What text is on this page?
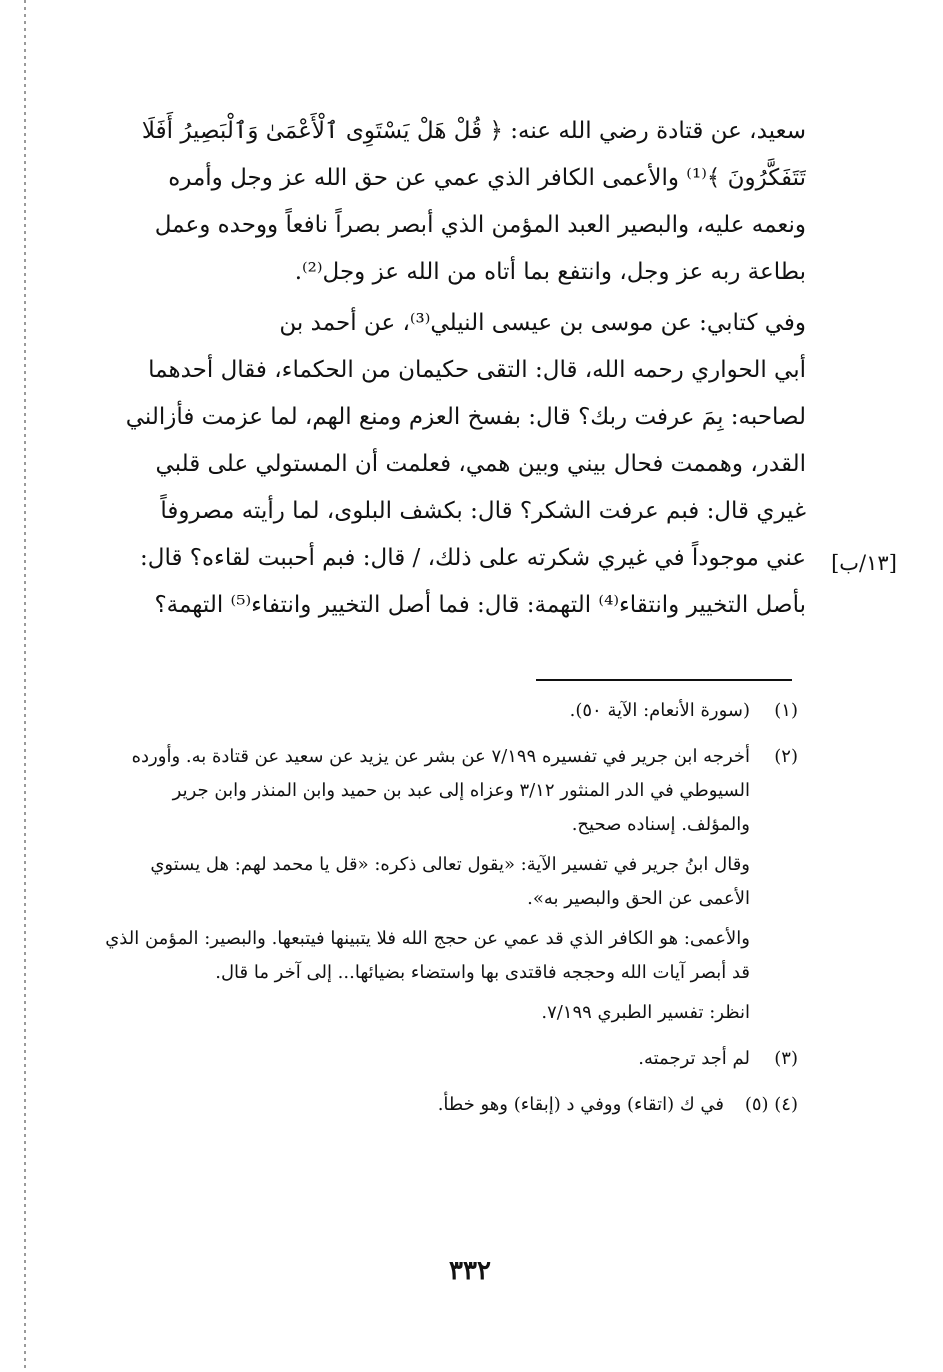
سعيد، عن قتادة رضي الله عنه: ﴿ قُلْ هَلْ يَسْتَوِى ٱلْأَعْمَىٰ وَٱلْبَصِيرُ أَفَلَا
تَتَفَكَّرُونَ ﴾⁽¹⁾ والأعمى الكافر الذي عمي عن حق الله عز وجل وأمره
ونعمه عليه، والبصير العبد المؤمن الذي أبصر بصراً نافعاً ووحده وعمل
بطاعة ربه عز وجل، وانتفع بما أتاه من الله عز وجل⁽²⁾.
وفي كتابي: عن موسى بن عيسى النيلي⁽³⁾، عن أحمد بن
أبي الحواري رحمه الله، قال: التقى حكيمان من الحكماء، فقال أحدهما
لصاحبه: بِمَ عرفت ربك؟ قال: بفسخ العزم ومنع الهم، لما عزمت فأزالني
القدر، وهممت فحال بيني وبين همي، فعلمت أن المستولي على قلبي
غيري قال: فبم عرفت الشكر؟ قال: بكشف البلوى، لما رأيته مصروفاً
عني موجوداً في غيري شكرته على ذلك، / قال: فبم أحببت لقاءه؟ قال:
بأصل التخيير وانتقاء⁽⁴⁾ التهمة: قال: فما أصل التخيير وانتفاء⁽⁵⁾ التهمة؟
[١٣/ب]
(١)
(سورة الأنعام: الآية ٥٠).
(٢)
أخرجه ابن جرير في تفسيره ٧/١٩٩ عن بشر عن يزيد عن سعيد عن قتادة به. وأورده السيوطي في الدر المنثور ٣/١٢ وعزاه إلى عبد بن حميد وابن المنذر وابن جرير والمؤلف. إسناده صحيح.
وقال ابنُ جرير في تفسير الآية: «يقول تعالى ذكره: «قل يا محمد لهم: هل يستوي الأعمى عن الحق والبصير به».
والأعمى: هو الكافر الذي قد عمي عن حجج الله فلا يتبينها فيتبعها. والبصير: المؤمن الذي قد أبصر آيات الله وحججه فاقتدى بها واستضاء بضيائها... إلى آخر ما قال.
انظر: تفسير الطبري ٧/١٩٩.
(٣)
لم أجد ترجمته.
(٤) (٥)
في ك (اتقاء) ووفي د (إبقاء) وهو خطأ.
٣٣٢
